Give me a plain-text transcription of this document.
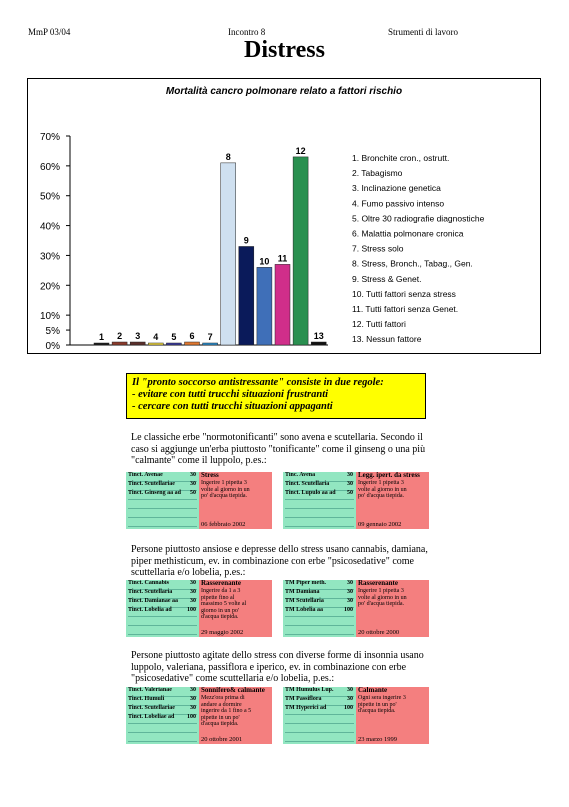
MmP 03/04	Incontro 8	Strumenti di lavoro
Distress
Mortalità cancro polmonare relato a fattori rischio
0%
5%
10%
20%
30%
40%
50%
60%
70%
1 2 3 4 5 6 7
8
9
10 11
12
13
1. Bronchite cron., ostrutt.
2. Tabagismo
3. Inclinazione genetica
4. Fumo passivo intenso
5. Oltre 30 radiografie diagnostiche
6. Malattia polmonare cronica
7. Stress solo
8. Stress, Bronch., Tabag., Gen.
9. Stress & Genet.
10. Tutti fattori senza stress
11. Tutti fattori senza Genet.
12. Tutti fattori
13. Nessun fattore
Il "pronto soccorso antistressante" consiste in due regole:
- evitare con tutti trucchi situazioni frustranti
- cercare con tutti trucchi situazioni appaganti
Le classiche erbe "normotonificanti" sono avena e scutellaria. Secondo il caso si aggiunge un'erba piuttosto "tonificante" come il ginseng o una più "calmante" come il luppolo, p.es.:
Persone piuttosto ansiose e depresse dello stress usano cannabis, damiana, piper methisticum, ev. in combinazione con erbe "psicosedative" come scuttellaria e/o lobelia, p.es.:
Persone piuttosto agitate dello stress con diverse forme di insonnia usano luppolo, valeriana, passiflora e iperico, ev. in combinazione con erbe "psicosedative" come scuttellaria e/o lobelia, p.es.:
Tinct. Avenae	30
Tinct. Scutellariae	30
Tinct. Ginseng aa ad 50
Stress
Ingerire 1 pipetta 3 volte al giorno in un po' d'acqua tiepida.
06 febbraio 2002
Tinc. Avena	30
Tinct. Scutellaria	30
Tinct. Lupulo aa ad 50
Legg. ipert. da stress
Ingerire 1 pipetta 3 volte al giorno in un po' d'acqua tiepida.
09 gennaio 2002
Tinct. Cannabis	30
Tinct. Scutellaria	30
Tinct. Damianae aa 30
Tinct. Lobelia ad	100
Rasserenante
Ingerire da 1 a 3 pipette fino al massimo 5 volte al giorno in un po' d'acqua tiepida.
29 maggio 2002
TM Piper meth.	30
TM Damiana	30
TM Scutellaria	30
TM Lobelia aa	100
Rasserenante
Ingerire 1 pipetta 3 volte al giorno in un po' d'acqua tiepida.
20 ottobre 2000
Tinct. Valerianae	30
Tinct. Humuli	30
Tinct. Scutellariae	30
Tinct. Lobeliae ad 100
Sonnifero& calmante
Mezz'ora prima di andare a dormire ingerire da 1 fino a 5 pipette in un po' d'acqua tiepida.
20 ottobre 2001
TM Humulus Lup. 30
TM Passiflora	30
TM Hyperici ad	100
Calmante
Ogni sera ingerire 3 pipette in un po' d'acqua tiepida.
23 marzo 1999
